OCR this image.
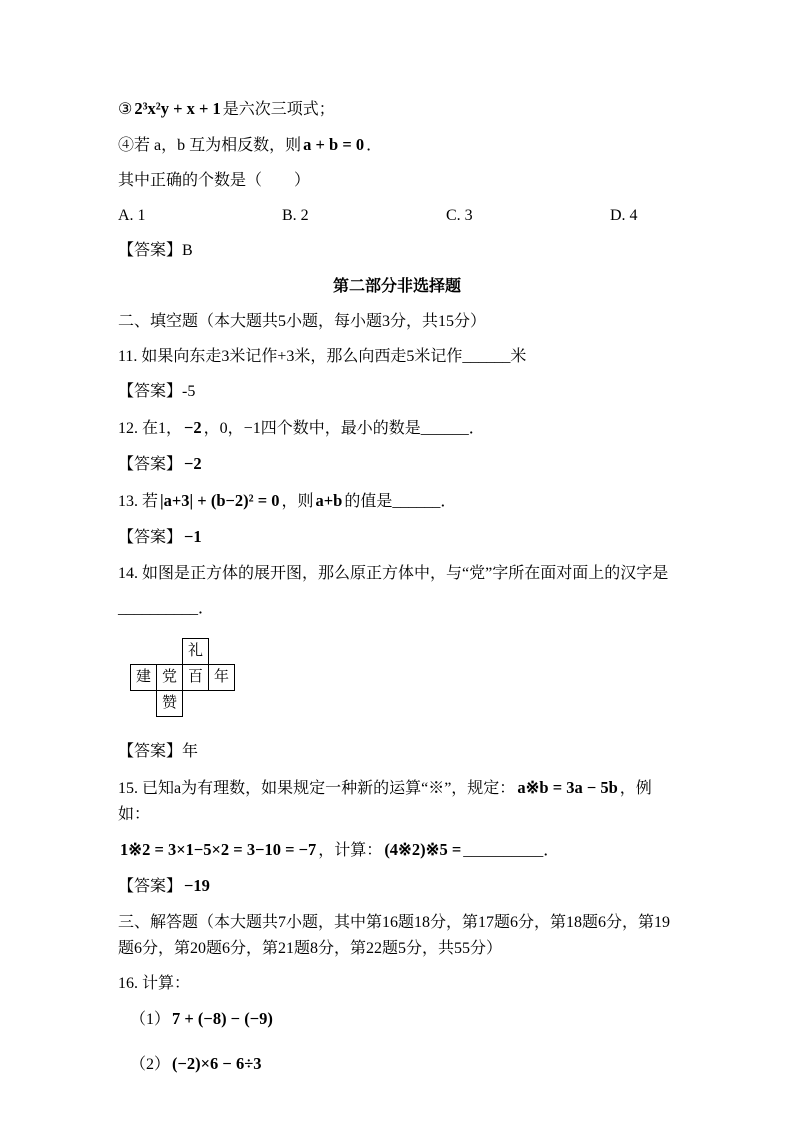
③ 2³x²y + x + 1 是六次三项式；
④若 a，b 互为相反数，则 a + b = 0 ．
其中正确的个数是（　　）
A. 1	B. 2	C. 3	D. 4
【答案】B
第二部分非选择题
二、填空题（本大题共5小题，每小题3分，共15分）
11. 如果向东走3米记作+3米，那么向西走5米记作______米
【答案】-5
12. 在1， −2 ，0，−1四个数中，最小的数是______．
【答案】 −2
13. 若 |a+3| + (b−2)² = 0 ，则 a+b 的值是______．
【答案】 −1
14. 如图是正方体的展开图，那么原正方体中，与“党”字所在面对面上的汉字是
__________．
礼
建 党 百 年
赞
【答案】年
15. 已知a为有理数，如果规定一种新的运算“※”，规定： a※b = 3a − 5b ，例如：
1※2 = 3×1−5×2 = 3−10 = −7 ，计算： (4※2)※5 = __________．
【答案】 −19
三、解答题（本大题共7小题，其中第16题18分，第17题6分，第18题6分，第19题6分，第20题6分，第21题8分，第22题5分，共55分）
16. 计算：
（1） 7 + (−8) − (−9)
（2） (−2)×6 − 6÷3
